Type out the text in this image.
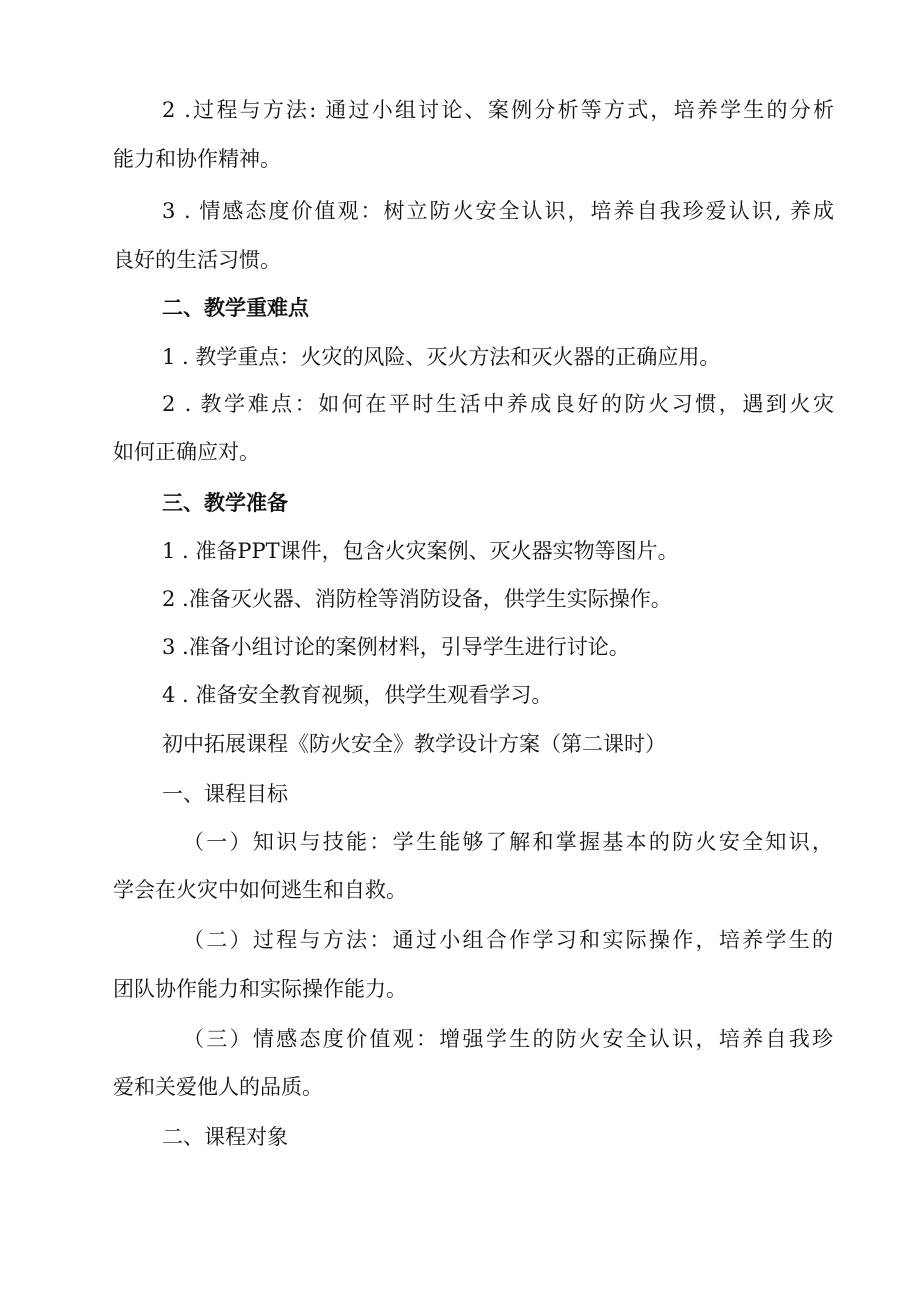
2 .过程与方法: 通过小组讨论、案例分析等方式，培养学生的分析
能力和协作精神。
3 . 情感态度价值观：树立防火安全认识，培养自我珍爱认识, 养成
良好的生活习惯。
二、教学重难点
1 . 教学重点：火灾的风险、灭火方法和灭火器的正确应用。
2 . 教学难点：如何在平时生活中养成良好的防火习惯，遇到火灾
如何正确应对。
三、教学准备
1 . 准备PPT课件，包含火灾案例、灭火器实物等图片。
2 .准备灭火器、消防栓等消防设备，供学生实际操作。
3 .准备小组讨论的案例材料，引导学生进行讨论。
4 . 准备安全教育视频，供学生观看学习。
初中拓展课程《防火安全》教学设计方案（第二课时）
一、课程目标
（一）知识与技能：学生能够了解和掌握基本的防火安全知识，
学会在火灾中如何逃生和自救。
（二）过程与方法：通过小组合作学习和实际操作，培养学生的
团队协作能力和实际操作能力。
（三）情感态度价值观：增强学生的防火安全认识，培养自我珍
爱和关爱他人的品质。
二、课程对象
